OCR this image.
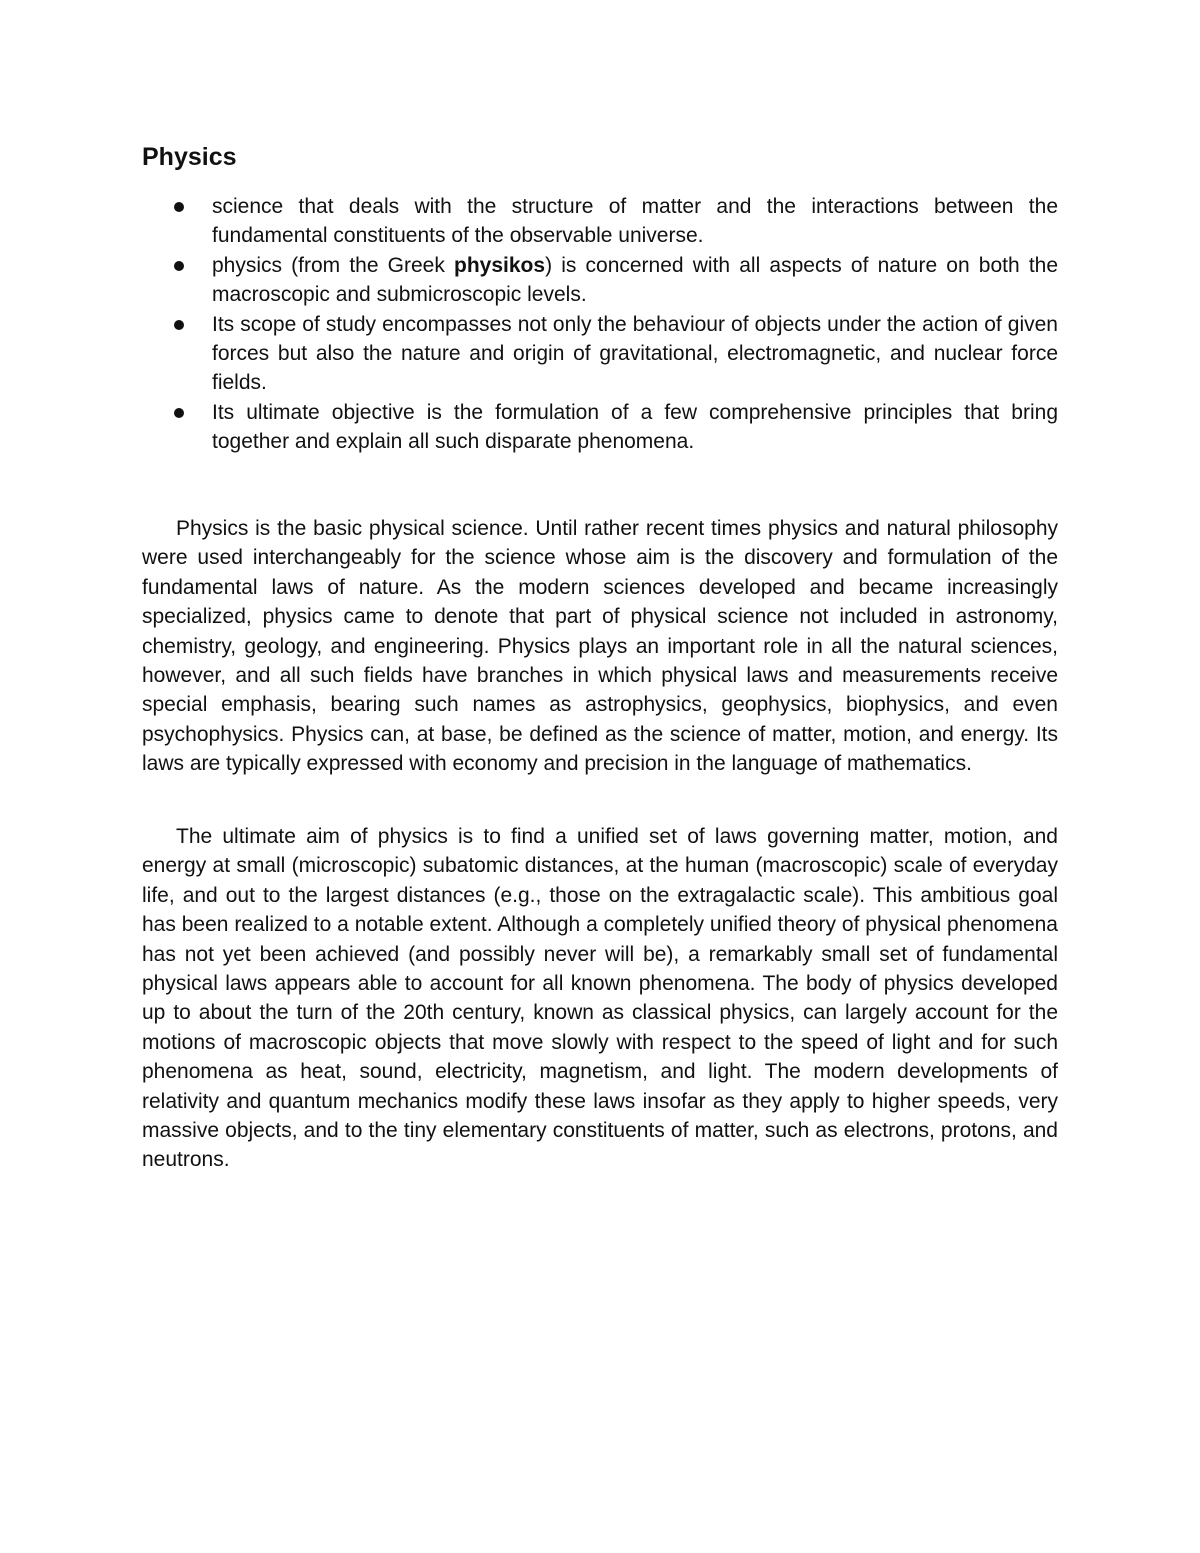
Physics
science that deals with the structure of matter and the interactions between the fundamental constituents of the observable universe.
physics (from the Greek physikos) is concerned with all aspects of nature on both the macroscopic and submicroscopic levels.
Its scope of study encompasses not only the behaviour of objects under the action of given forces but also the nature and origin of gravitational, electromagnetic, and nuclear force fields.
Its ultimate objective is the formulation of a few comprehensive principles that bring together and explain all such disparate phenomena.

Physics is the basic physical science. Until rather recent times physics and natural philosophy were used interchangeably for the science whose aim is the discovery and formulation of the fundamental laws of nature. As the modern sciences developed and became increasingly specialized, physics came to denote that part of physical science not included in astronomy, chemistry, geology, and engineering. Physics plays an important role in all the natural sciences, however, and all such fields have branches in which physical laws and measurements receive special emphasis, bearing such names as astrophysics, geophysics, biophysics, and even psychophysics. Physics can, at base, be defined as the science of matter, motion, and energy. Its laws are typically expressed with economy and precision in the language of mathematics.

The ultimate aim of physics is to find a unified set of laws governing matter, motion, and energy at small (microscopic) subatomic distances, at the human (macroscopic) scale of everyday life, and out to the largest distances (e.g., those on the extragalactic scale). This ambitious goal has been realized to a notable extent. Although a completely unified theory of physical phenomena has not yet been achieved (and possibly never will be), a remarkably small set of fundamental physical laws appears able to account for all known phenomena. The body of physics developed up to about the turn of the 20th century, known as classical physics, can largely account for the motions of macroscopic objects that move slowly with respect to the speed of light and for such phenomena as heat, sound, electricity, magnetism, and light. The modern developments of relativity and quantum mechanics modify these laws insofar as they apply to higher speeds, very massive objects, and to the tiny elementary constituents of matter, such as electrons, protons, and neutrons.
